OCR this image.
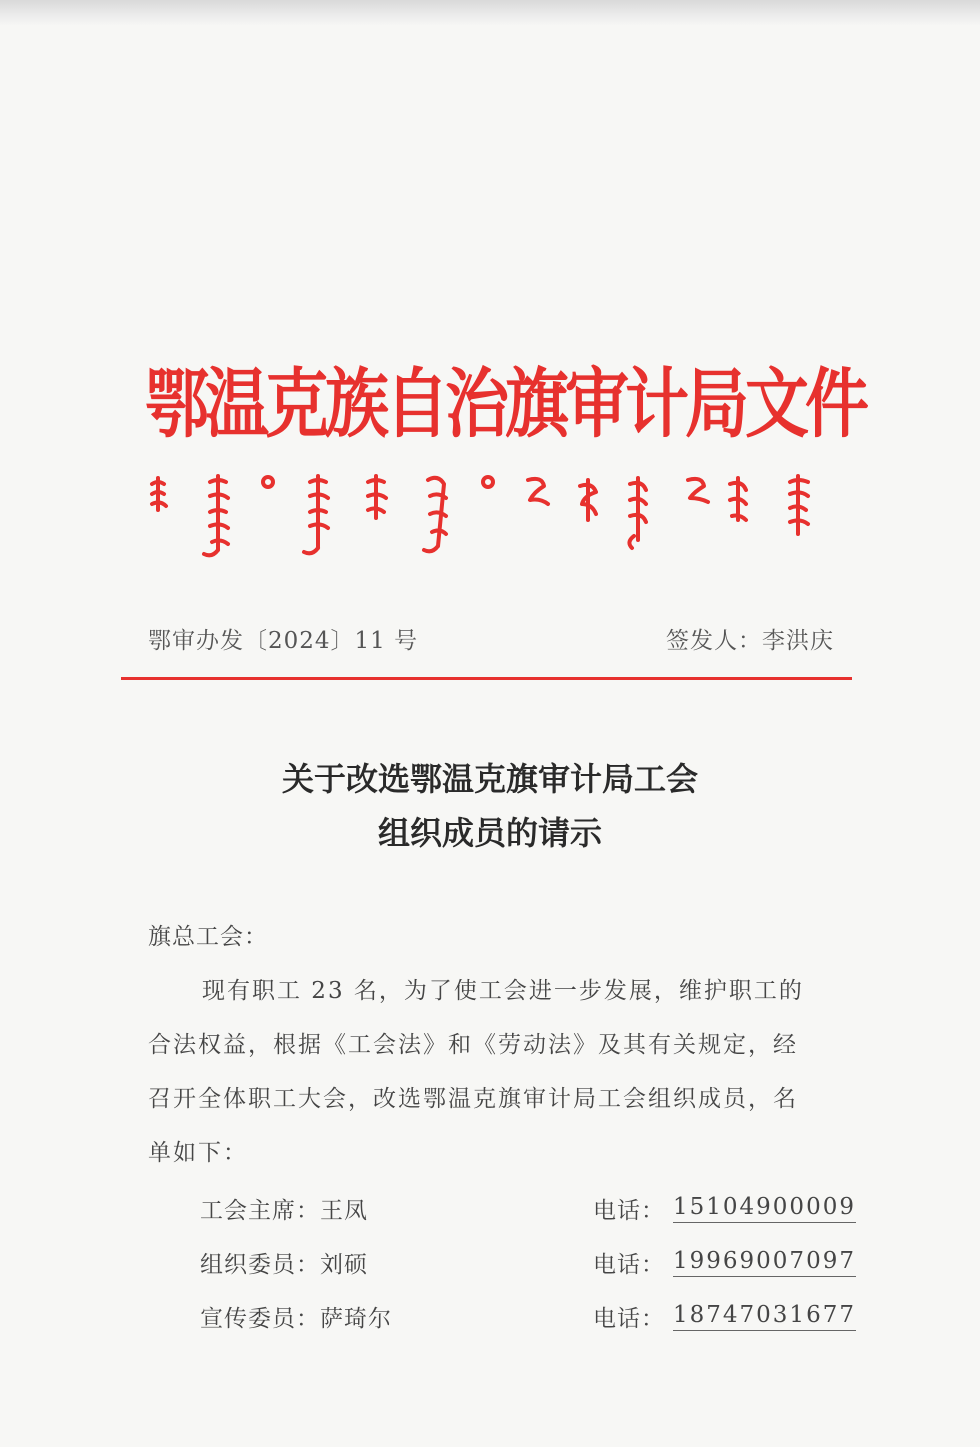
鄂温克族自治旗审计局文件
鄂审办发〔2024〕11 号	签发人：李洪庆
关于改选鄂温克旗审计局工会
组织成员的请示
旗总工会：
现有职工 23 名，为了使工会进一步发展，维护职工的
合法权益，根据《工会法》和《劳动法》及其有关规定，经
召开全体职工大会，改选鄂温克旗审计局工会组织成员，名
单如下：
工会主席：王凤	电话： 15104900009
组织委员：刘硕	电话： 19969007097
宣传委员：萨琦尔	电话： 18747031677
